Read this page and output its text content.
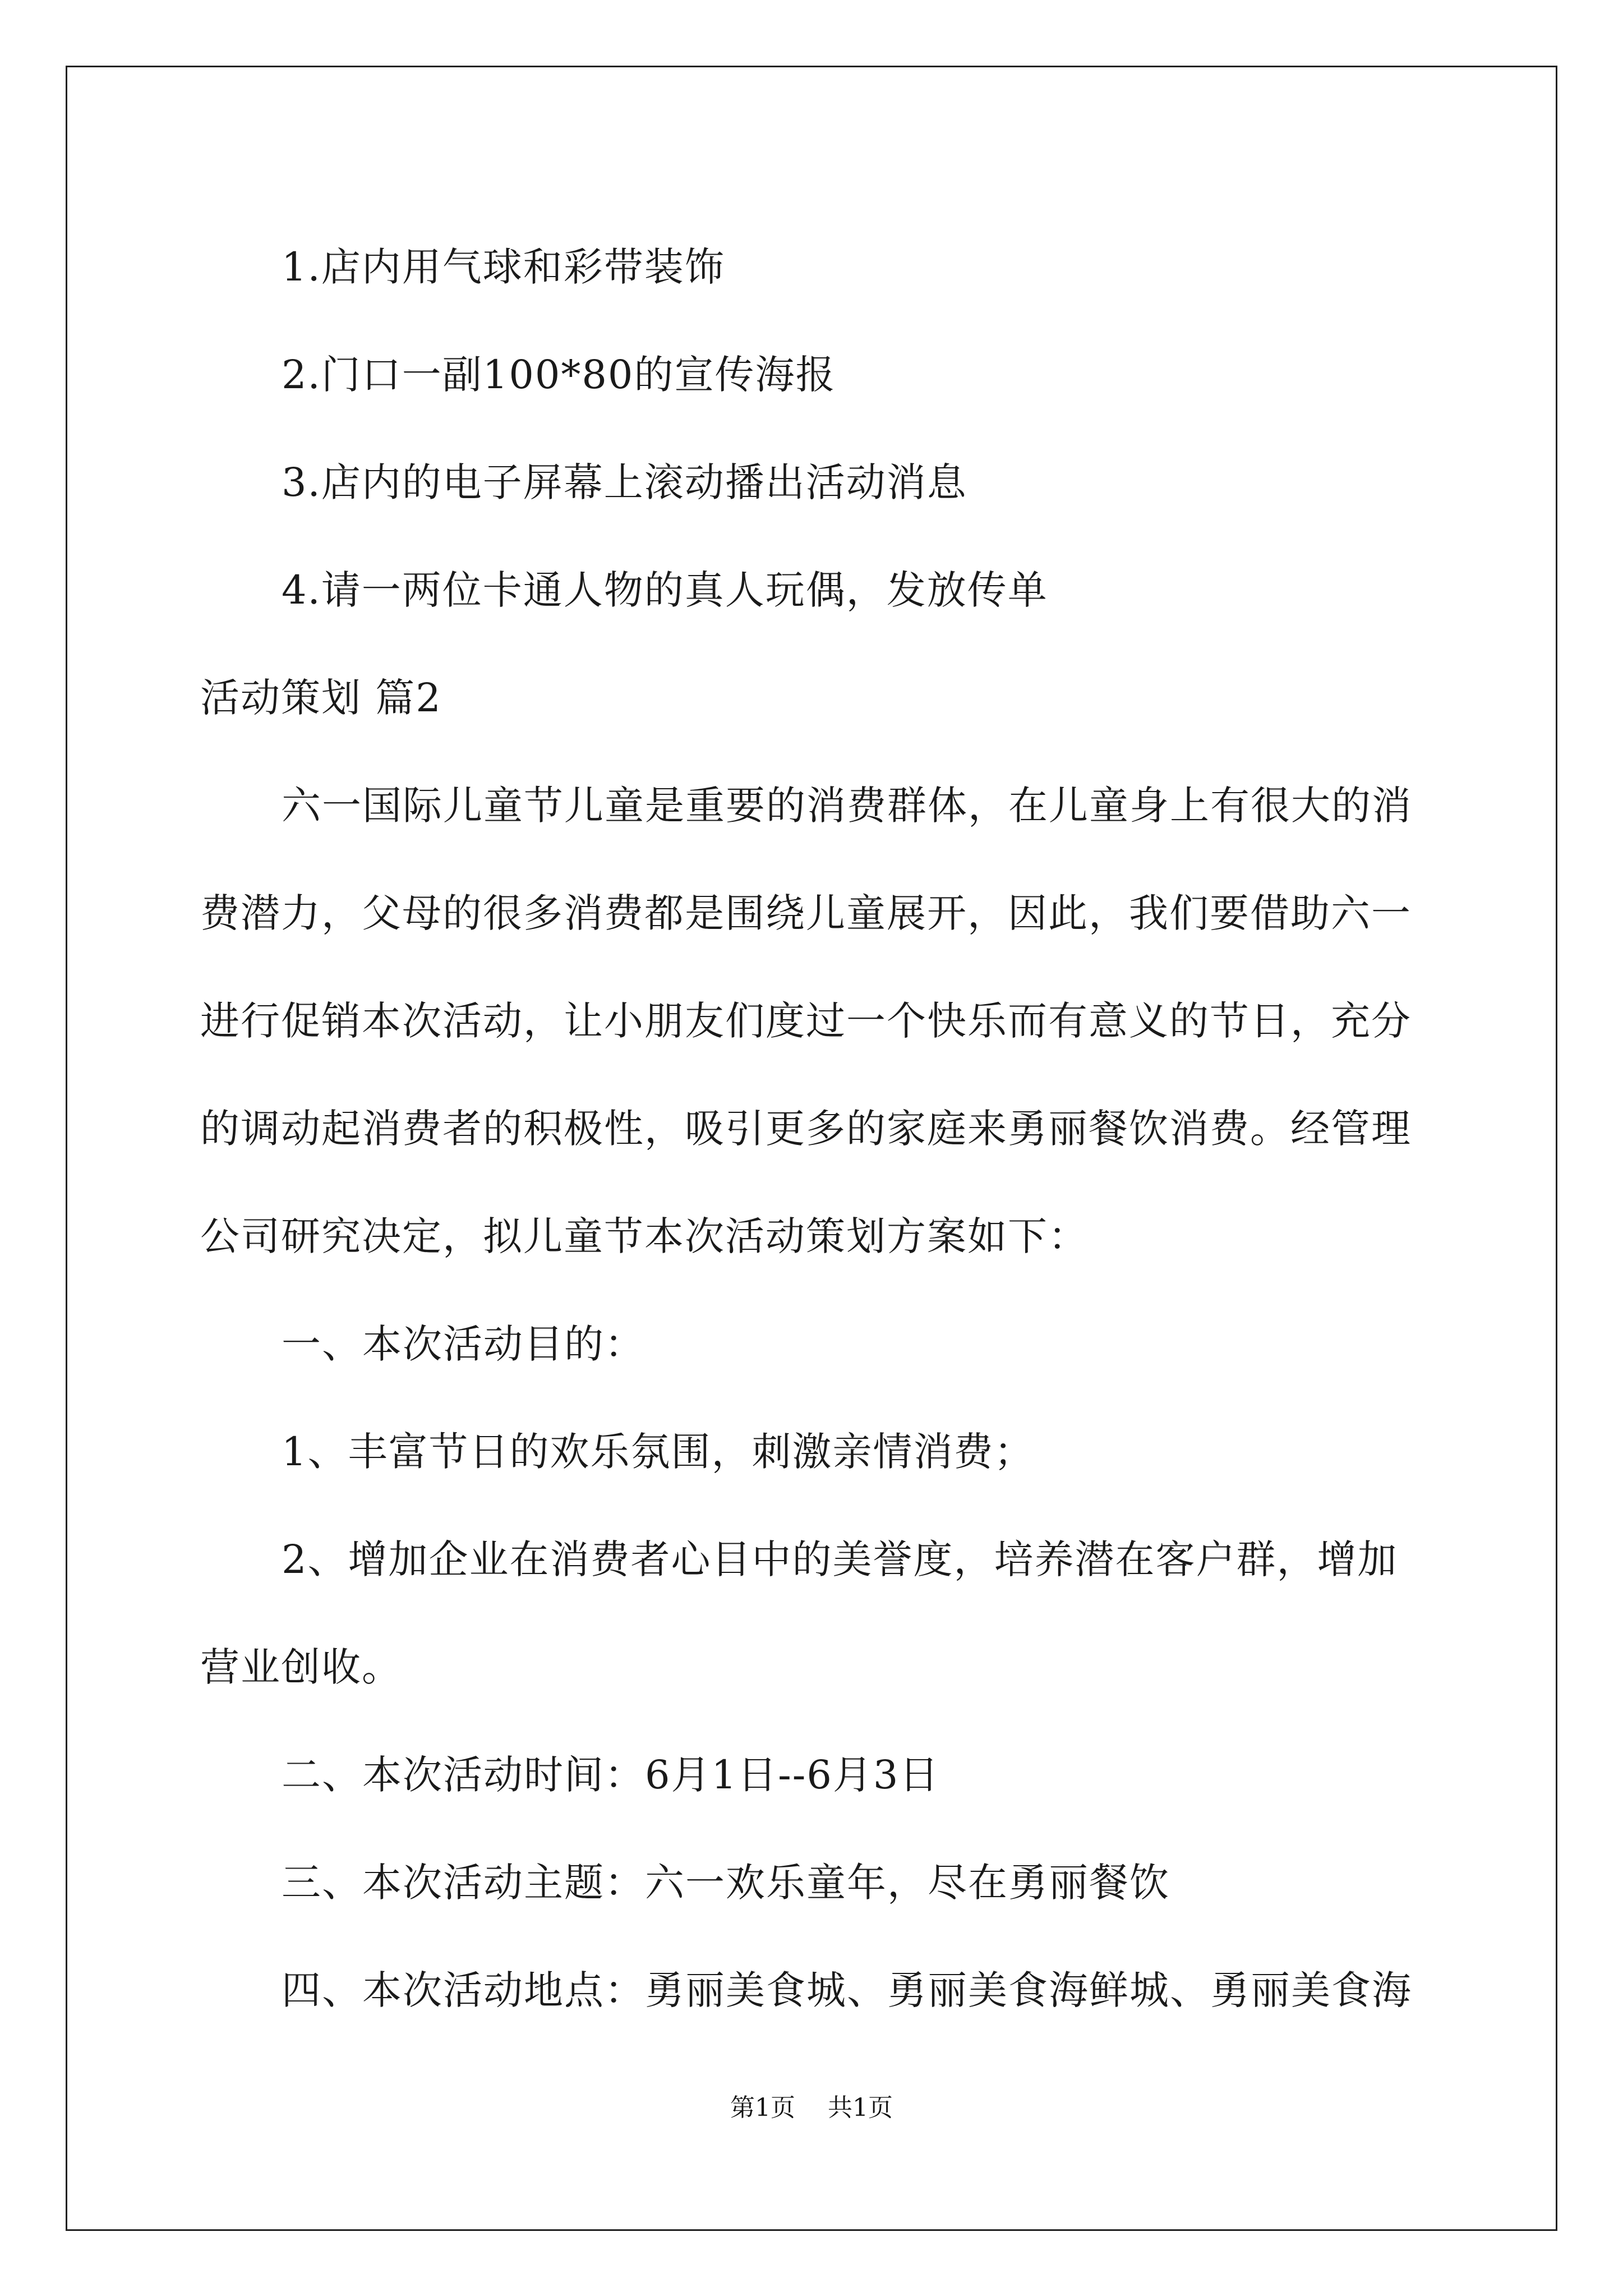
1.店内用气球和彩带装饰

2.门口一副100*80的宣传海报

3.店内的电子屏幕上滚动播出活动消息

4.请一两位卡通人物的真人玩偶，发放传单

活动策划 篇2

六一国际儿童节儿童是重要的消费群体，在儿童身上有很大的消费潜力，父母的很多消费都是围绕儿童展开，因此，我们要借助六一进行促销本次活动，让小朋友们度过一个快乐而有意义的节日，充分的调动起消费者的积极性，吸引更多的家庭来勇丽餐饮消费。经管理公司研究决定，拟儿童节本次活动策划方案如下：

一、本次活动目的：

1、丰富节日的欢乐氛围，刺激亲情消费；

2、增加企业在消费者心目中的美誉度，培养潜在客户群，增加营业创收。

二、本次活动时间：6月1日--6月3日

三、本次活动主题：六一欢乐童年，尽在勇丽餐饮

四、本次活动地点：勇丽美食城、勇丽美食海鲜城、勇丽美食海

第1页 共1页
